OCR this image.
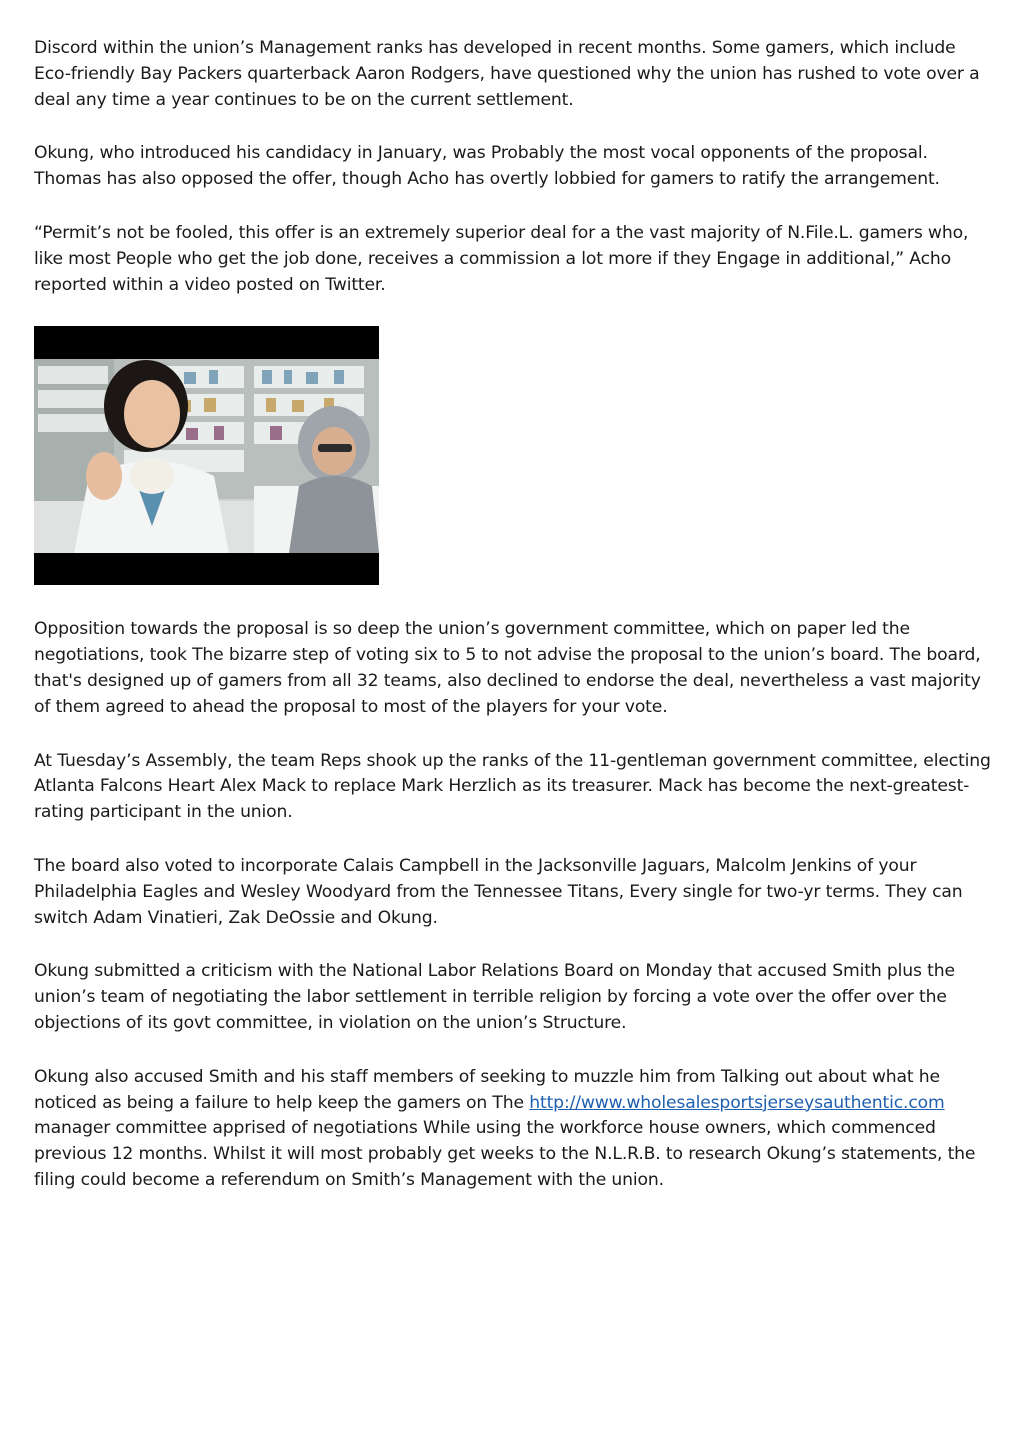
Discord within the union’s Management ranks has developed in recent months. Some gamers, which include Eco-friendly Bay Packers quarterback Aaron Rodgers, have questioned why the union has rushed to vote over a deal any time a year continues to be on the current settlement.

Okung, who introduced his candidacy in January, was Probably the most vocal opponents of the proposal. Thomas has also opposed the offer, though Acho has overtly lobbied for gamers to ratify the arrangement.

“Permit’s not be fooled, this offer is an extremely superior deal for a the vast majority of N.File.L. gamers who, like most People who get the job done, receives a commission a lot more if they Engage in additional,” Acho reported within a video posted on Twitter.

Opposition towards the proposal is so deep the union’s government committee, which on paper led the negotiations, took The bizarre step of voting six to 5 to not advise the proposal to the union’s board. The board, that's designed up of gamers from all 32 teams, also declined to endorse the deal, nevertheless a vast majority of them agreed to ahead the proposal to most of the players for your vote.

At Tuesday’s Assembly, the team Reps shook up the ranks of the 11-gentleman government committee, electing Atlanta Falcons Heart Alex Mack to replace Mark Herzlich as its treasurer. Mack has become the next-greatest-rating participant in the union.

The board also voted to incorporate Calais Campbell in the Jacksonville Jaguars, Malcolm Jenkins of your Philadelphia Eagles and Wesley Woodyard from the Tennessee Titans, Every single for two-yr terms. They can switch Adam Vinatieri, Zak DeOssie and Okung.

Okung submitted a criticism with the National Labor Relations Board on Monday that accused Smith plus the union’s team of negotiating the labor settlement in terrible religion by forcing a vote over the offer over the objections of its govt committee, in violation on the union’s Structure.

Okung also accused Smith and his staff members of seeking to muzzle him from Talking out about what he noticed as being a failure to help keep the gamers on The http://www.wholesalesportsjerseysauthentic.com manager committee apprised of negotiations While using the workforce house owners, which commenced previous 12 months. Whilst it will most probably get weeks to the N.L.R.B. to research Okung’s statements, the filing could become a referendum on Smith’s Management with the union.
